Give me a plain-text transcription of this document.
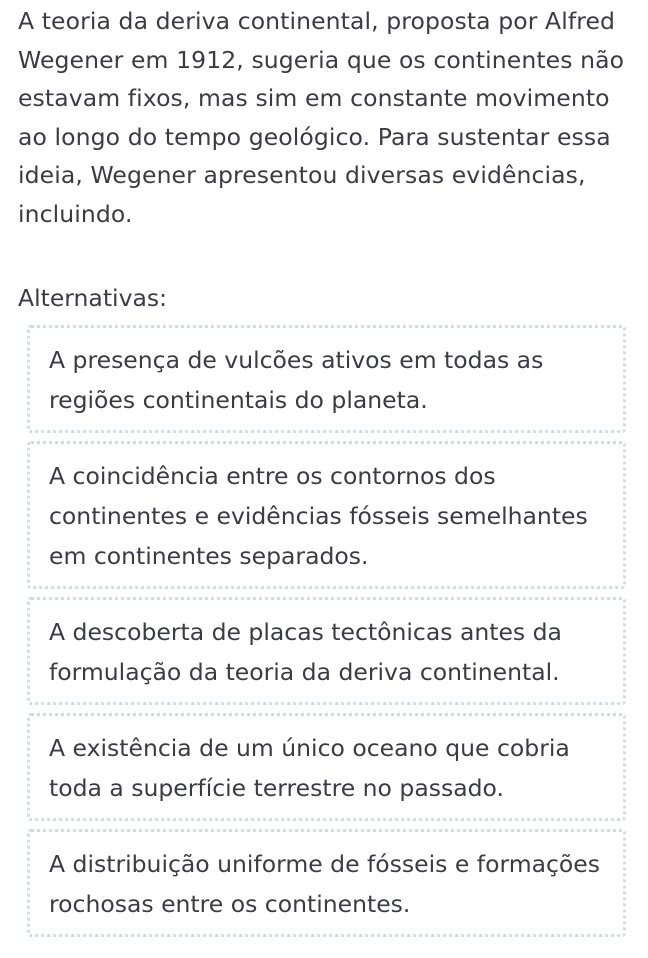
A teoria da deriva continental, proposta por Alfred Wegener em 1912, sugeria que os continentes não estavam fixos, mas sim em constante movimento ao longo do tempo geológico. Para sustentar essa ideia, Wegener apresentou diversas evidências, incluindo.
Alternativas:
A presença de vulcões ativos em todas as regiões continentais do planeta.
A coincidência entre os contornos dos continentes e evidências fósseis semelhantes em continentes separados.
A descoberta de placas tectônicas antes da formulação da teoria da deriva continental.
A existência de um único oceano que cobria toda a superfície terrestre no passado.
A distribuição uniforme de fósseis e formações rochosas entre os continentes.
